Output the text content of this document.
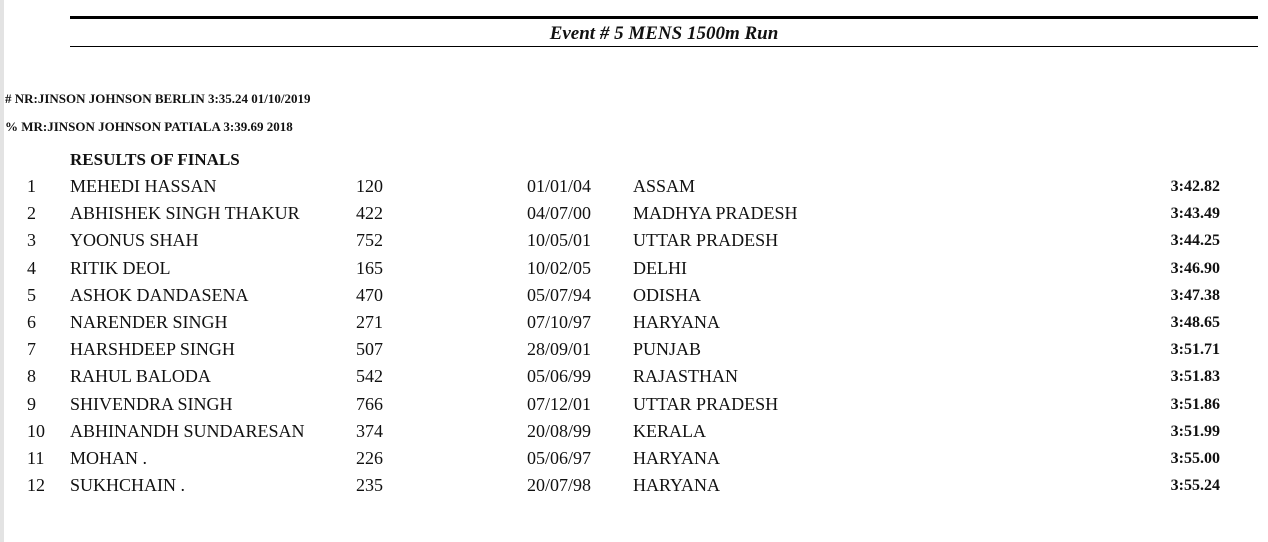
Event # 5 MENS 1500m Run
# NR:JINSON JOHNSON BERLIN 3:35.24 01/10/2019
% MR:JINSON JOHNSON PATIALA 3:39.69 2018
RESULTS OF FINALS
1	MEHEDI HASSAN	120	01/01/04 ASSAM	3:42.82
2	ABHISHEK SINGH THAKUR	422	04/07/00 MADHYA PRADESH	3:43.49
3	YOONUS SHAH	752	10/05/01 UTTAR PRADESH	3:44.25
4	RITIK DEOL	165	10/02/05 DELHI	3:46.90
5	ASHOK DANDASENA	470	05/07/94 ODISHA	3:47.38
6	NARENDER SINGH	271	07/10/97 HARYANA	3:48.65
7	HARSHDEEP SINGH	507	28/09/01 PUNJAB	3:51.71
8	RAHUL BALODA	542	05/06/99 RAJASTHAN	3:51.83
9	SHIVENDRA SINGH	766	07/12/01 UTTAR PRADESH	3:51.86
10	ABHINANDH SUNDARESAN	374	20/08/99 KERALA	3:51.99
11	MOHAN .	226	05/06/97 HARYANA	3:55.00
12	SUKHCHAIN .	235	20/07/98 HARYANA	3:55.24
